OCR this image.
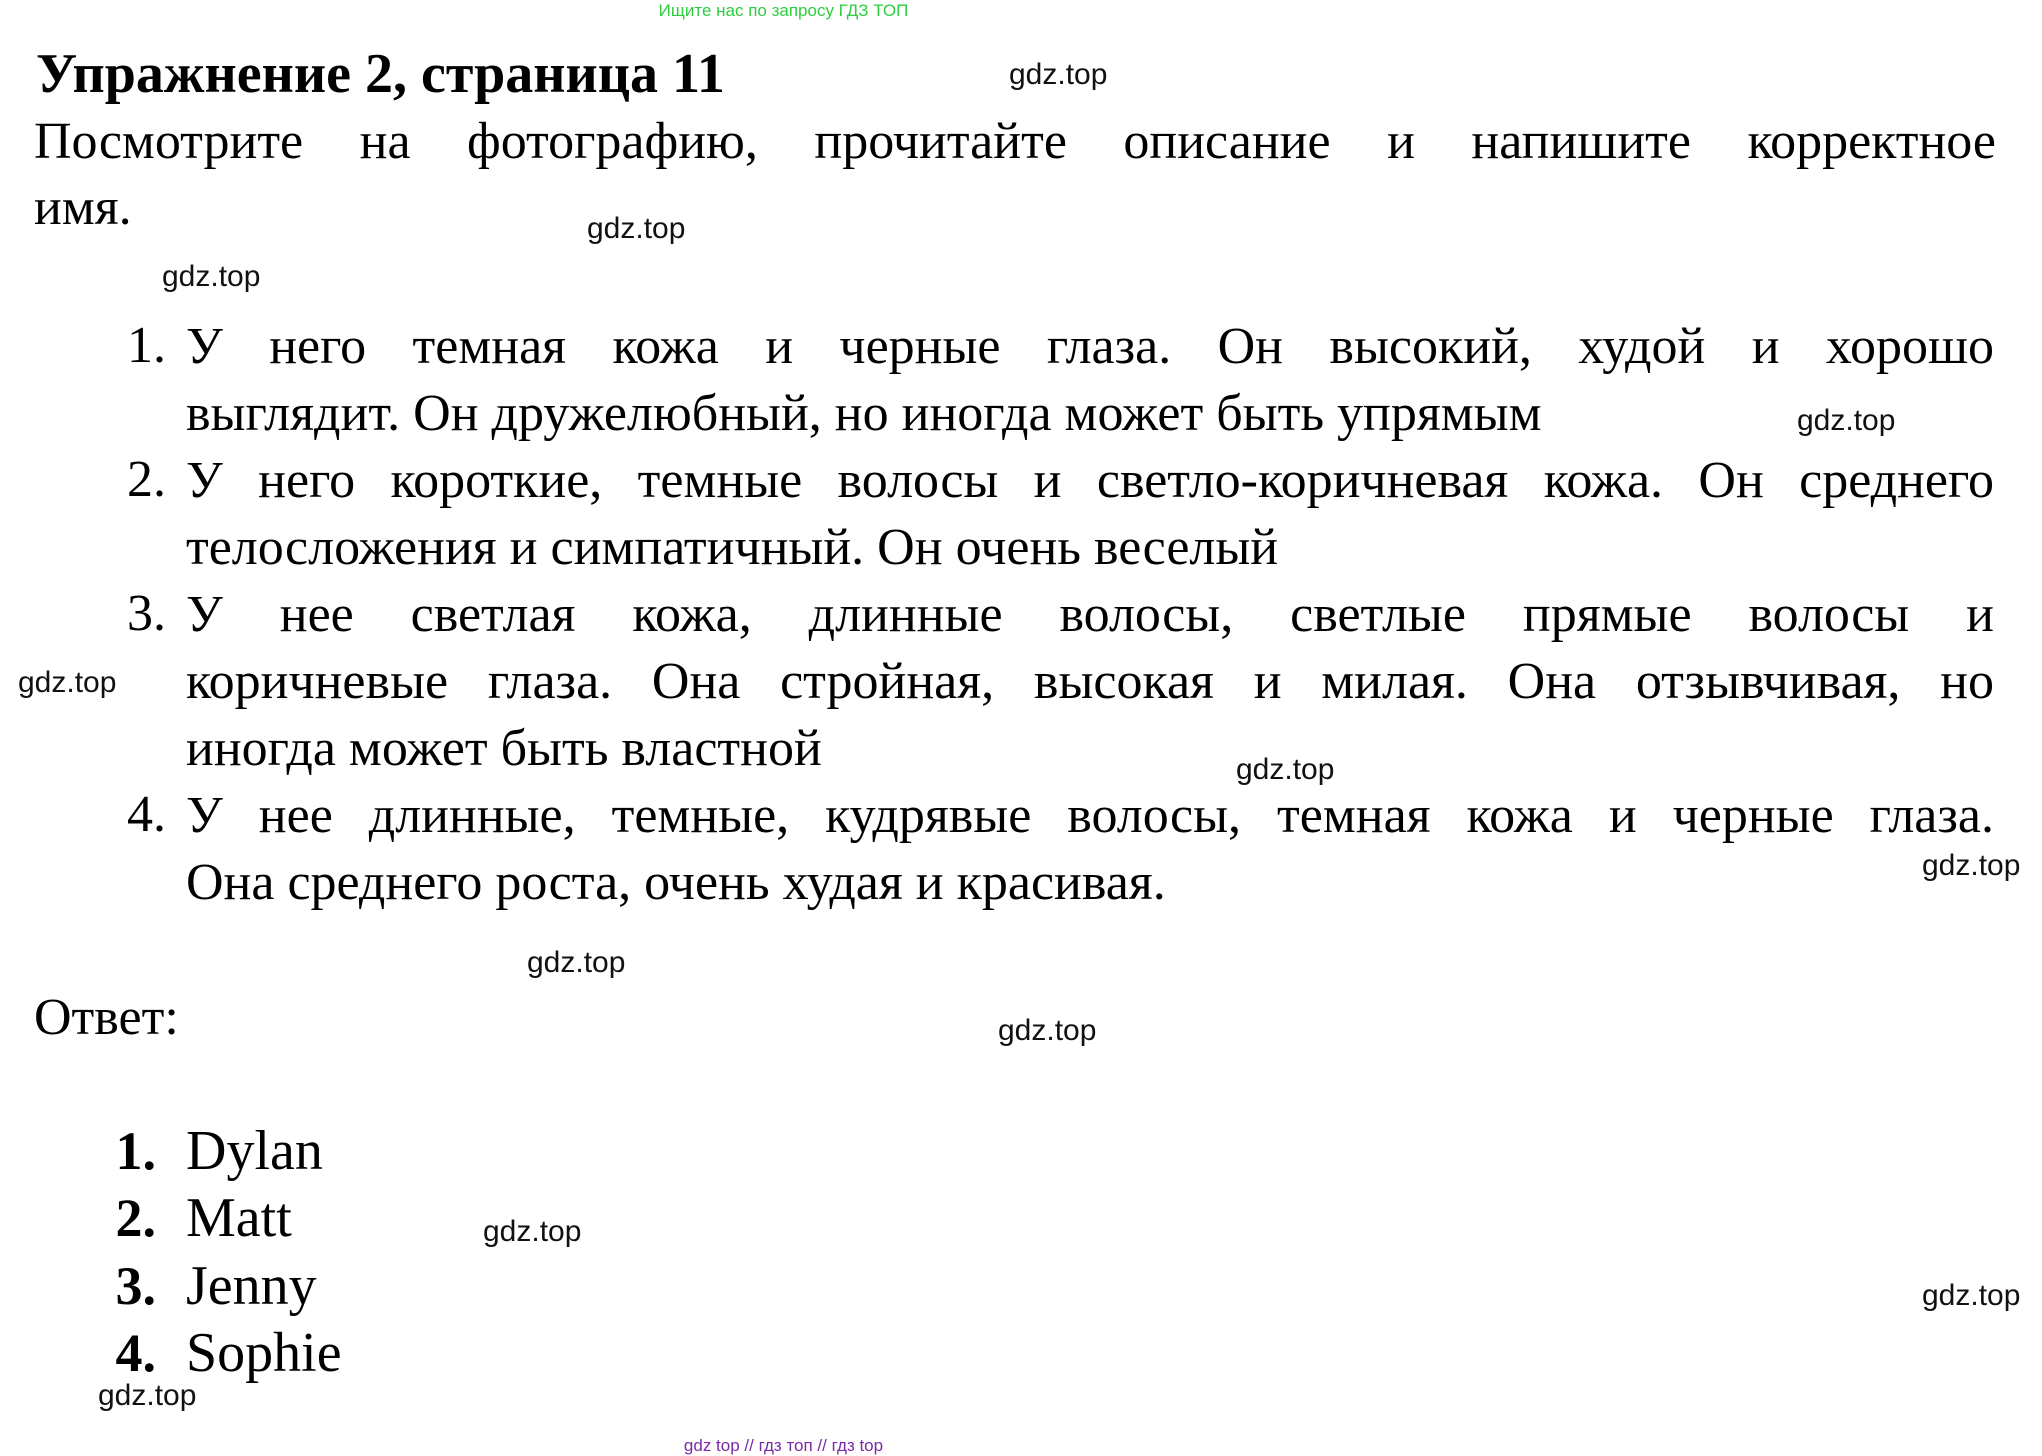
Ищите нас по запросу ГДЗ ТОП
Упражнение 2, страница 11
Посмотрите на фотографию, прочитайте описание и напишите корректное
имя.
1. У него темная кожа и черные глаза. Он высокий, худой и хорошо
выглядит. Он дружелюбный, но иногда может быть упрямым
2. У него короткие, темные волосы и светло-коричневая кожа. Он среднего
телосложения и симпатичный. Он очень веселый
3. У нее светлая кожа, длинные волосы, светлые прямые волосы и
коричневые глаза. Она стройная, высокая и милая. Она отзывчивая, но
иногда может быть властной
4. У нее длинные, темные, кудрявые волосы, темная кожа и черные глаза.
Она среднего роста, очень худая и красивая.
Ответ:
1. Dylan
2. Matt
3. Jenny
4. Sophie
gdz.top
gdz.top
gdz.top
gdz.top
gdz.top
gdz.top
gdz.top
gdz.top
gdz.top
gdz.top
gdz.top
gdz.top
gdz top // гдз топ // гдз top
